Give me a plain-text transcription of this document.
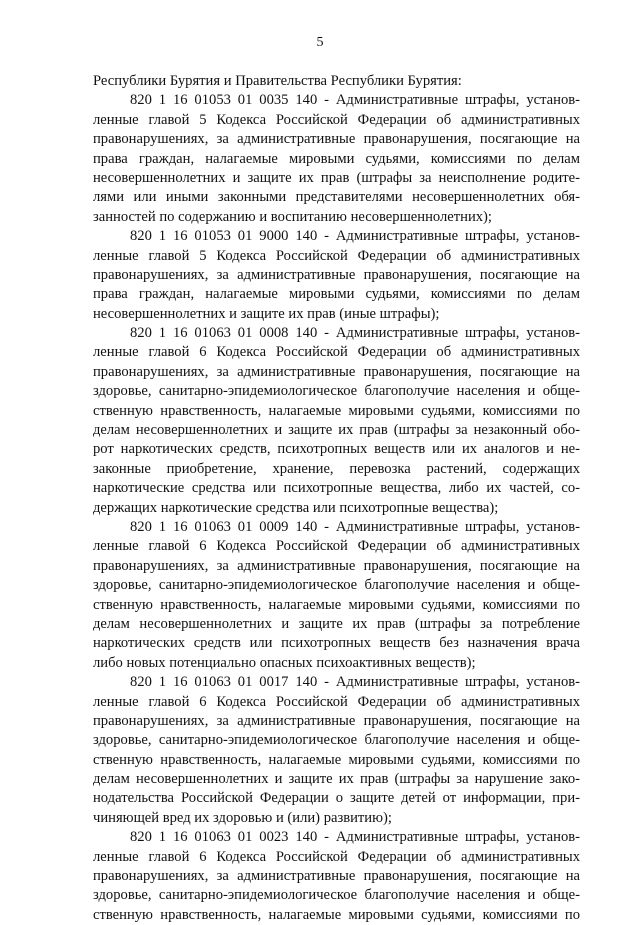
5
Республики Бурятия и Правительства Республики Бурятия:
820 1 16 01053 01 0035 140 - Административные штрафы, установ-
ленные главой 5 Кодекса Российской Федерации об административных
правонарушениях, за административные правонарушения, посягающие на
права граждан, налагаемые мировыми судьями, комиссиями по делам
несовершеннолетних и защите их прав (штрафы за неисполнение родите-
лями или иными законными представителями несовершеннолетних обя-
занностей по содержанию и воспитанию несовершеннолетних);
820 1 16 01053 01 9000 140 - Административные штрафы, установ-
ленные главой 5 Кодекса Российской Федерации об административных
правонарушениях, за административные правонарушения, посягающие на
права граждан, налагаемые мировыми судьями, комиссиями по делам
несовершеннолетних и защите их прав (иные штрафы);
820 1 16 01063 01 0008 140 - Административные штрафы, установ-
ленные главой 6 Кодекса Российской Федерации об административных
правонарушениях, за административные правонарушения, посягающие на
здоровье, санитарно-эпидемиологическое благополучие населения и обще-
ственную нравственность, налагаемые мировыми судьями, комиссиями по
делам несовершеннолетних и защите их прав (штрафы за незаконный обо-
рот наркотических средств, психотропных веществ или их аналогов и не-
законные приобретение, хранение, перевозка растений, содержащих
наркотические средства или психотропные вещества, либо их частей, со-
держащих наркотические средства или психотропные вещества);
820 1 16 01063 01 0009 140 - Административные штрафы, установ-
ленные главой 6 Кодекса Российской Федерации об административных
правонарушениях, за административные правонарушения, посягающие на
здоровье, санитарно-эпидемиологическое благополучие населения и обще-
ственную нравственность, налагаемые мировыми судьями, комиссиями по
делам несовершеннолетних и защите их прав (штрафы за потребление
наркотических средств или психотропных веществ без назначения врача
либо новых потенциально опасных психоактивных веществ);
820 1 16 01063 01 0017 140 - Административные штрафы, установ-
ленные главой 6 Кодекса Российской Федерации об административных
правонарушениях, за административные правонарушения, посягающие на
здоровье, санитарно-эпидемиологическое благополучие населения и обще-
ственную нравственность, налагаемые мировыми судьями, комиссиями по
делам несовершеннолетних и защите их прав (штрафы за нарушение зако-
нодательства Российской Федерации о защите детей от информации, при-
чиняющей вред их здоровью и (или) развитию);
820 1 16 01063 01 0023 140 - Административные штрафы, установ-
ленные главой 6 Кодекса Российской Федерации об административных
правонарушениях, за административные правонарушения, посягающие на
здоровье, санитарно-эпидемиологическое благополучие населения и обще-
ственную нравственность, налагаемые мировыми судьями, комиссиями по
